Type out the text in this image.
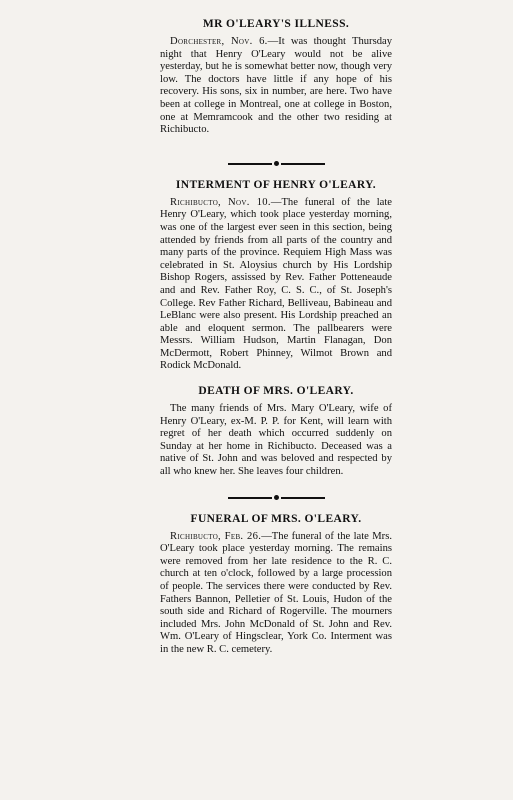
MR O'LEARY'S ILLNESS.

Dorchester, Nov. 6.—It was thought Thursday night that Henry O'Leary would not be alive yesterday, but he is somewhat better now, though very low. The doctors have little if any hope of his recovery. His sons, six in number, are here. Two have been at college in Montreal, one at college in Boston, one at Memramcook and the other two residing at Richibucto.

INTERMENT OF HENRY O'LEARY.

Richibucto, Nov. 10.—The funeral of the late Henry O'Leary, which took place yesterday morning, was one of the largest ever seen in this section, being attended by friends from all parts of the country and many parts of the province. Requiem High Mass was celebrated in St. Aloysius church by His Lordship Bishop Rogers, assissed by Rev. Father Potteneaude and and Rev. Father Roy, C. S. C., of St. Joseph's College. Rev Father Richard, Belliveau, Babineau and LeBlanc were also present. His Lordship preached an able and eloquent sermon. The pallbearers were Messrs. William Hudson, Martin Flanagan, Don McDermott, Robert Phinney, Wilmot Brown and Rodick McDonald.

DEATH OF MRS. O'LEARY.

The many friends of Mrs. Mary O'Leary, wife of Henry O'Leary, ex-M. P. P. for Kent, will learn with regret of her death which occurred suddenly on Sunday at her home in Richibucto. Deceased was a native of St. John and was beloved and respected by all who knew her. She leaves four children.

FUNERAL OF MRS. O'LEARY.

Richibucto, Feb. 26.—The funeral of the late Mrs. O'Leary took place yesterday morning. The remains were removed from her late residence to the R. C. church at ten o'clock, followed by a large procession of people. The services there were conducted by Rev. Fathers Bannon, Pelletier of St. Louis, Hudon of the south side and Richard of Rogerville. The mourners included Mrs. John McDonald of St. John and Rev. Wm. O'Leary of Hingsclear, York Co. Interment was in the new R. C. cemetery.
